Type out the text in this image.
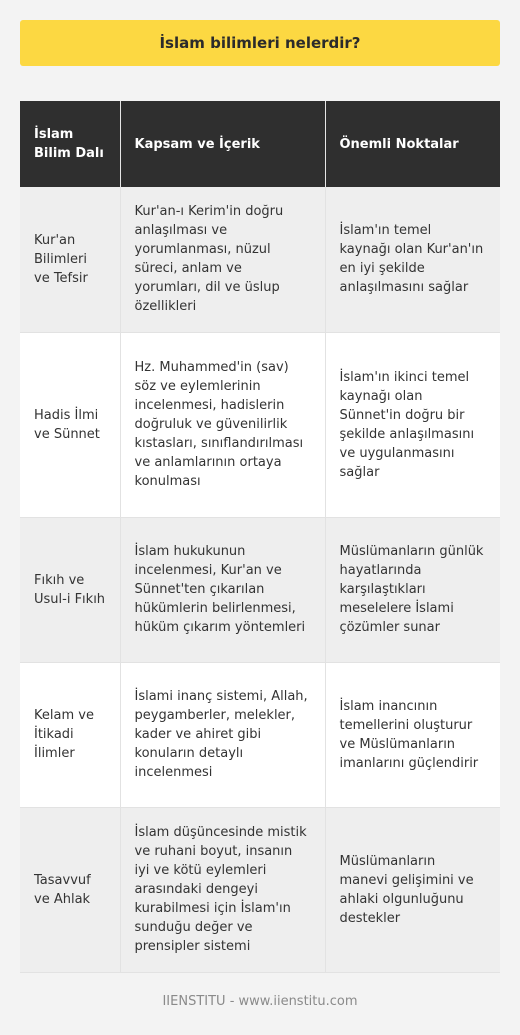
İslam bilimleri nelerdir?
İslam Bilim Dalı	Kapsam ve İçerik	Önemli Noktalar
Kur'an Bilimleri ve Tefsir	Kur'an-ı Kerim'in doğru anlaşılması ve yorumlanması, nüzul süreci, anlam ve yorumları, dil ve üslup özellikleri	İslam'ın temel kaynağı olan Kur'an'ın en iyi şekilde anlaşılmasını sağlar
Hadis İlmi ve Sünnet	Hz. Muhammed'in (sav) söz ve eylemlerinin incelenmesi, hadislerin doğruluk ve güvenilirlik kıstasları, sınıflandırılması ve anlamlarının ortaya konulması	İslam'ın ikinci temel kaynağı olan Sünnet'in doğru bir şekilde anlaşılmasını ve uygulanmasını sağlar
Fıkıh ve Usul-i Fıkıh	İslam hukukunun incelenmesi, Kur'an ve Sünnet'ten çıkarılan hükümlerin belirlenmesi, hüküm çıkarım yöntemleri	Müslümanların günlük hayatlarında karşılaştıkları meselelere İslami çözümler sunar
Kelam ve İtikadi İlimler	İslami inanç sistemi, Allah, peygamberler, melekler, kader ve ahiret gibi konuların detaylı incelenmesi	İslam inancının temellerini oluşturur ve Müslümanların imanlarını güçlendirir
Tasavvuf ve Ahlak	İslam düşüncesinde mistik ve ruhani boyut, insanın iyi ve kötü eylemleri arasındaki dengeyi kurabilmesi için İslam'ın sunduğu değer ve prensipler sistemi	Müslümanların manevi gelişimini ve ahlaki olgunluğunu destekler
IIENSTITU - www.iienstitu.com
